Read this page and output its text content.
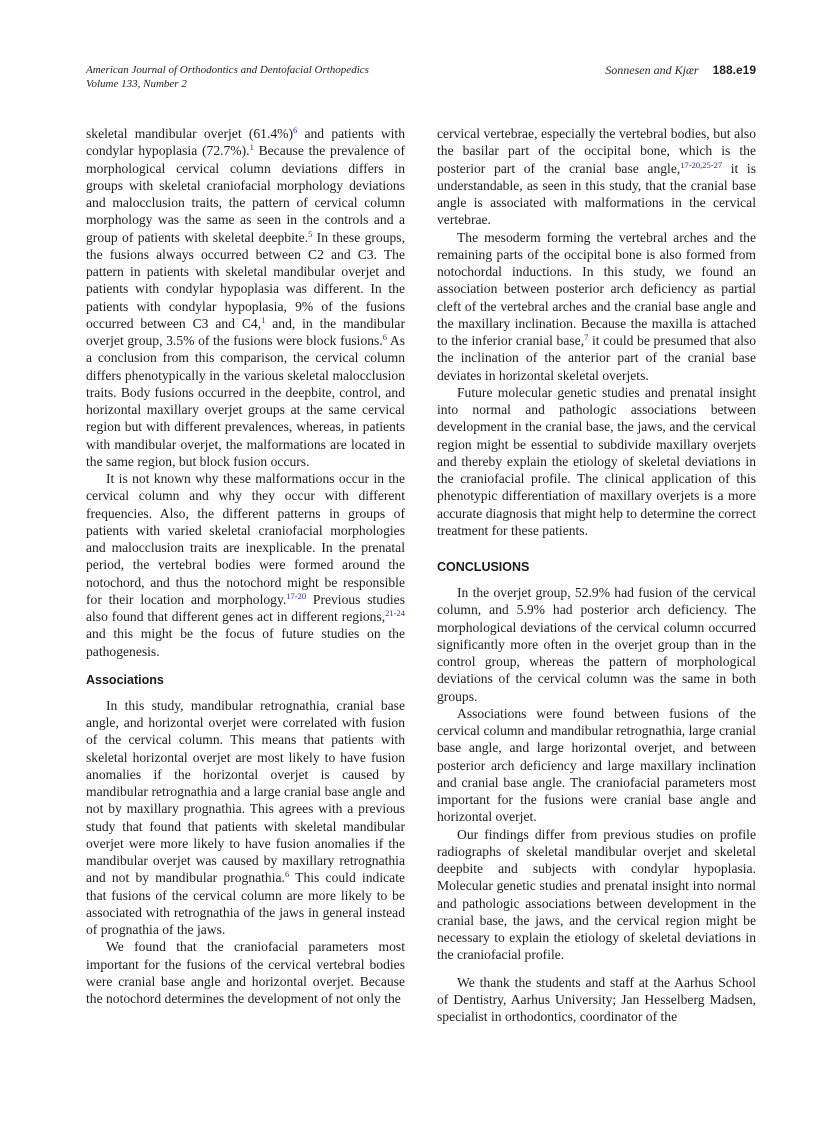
American Journal of Orthodontics and Dentofacial Orthopedics
Volume 133, Number 2
Sonnesen and Kjær 188.e19

skeletal mandibular overjet (61.4%)$^6$ and patients with condylar hypoplasia (72.7%).$^1$ Because the prevalence of morphological cervical column deviations differs in groups with skeletal craniofacial morphology deviations and malocclusion traits, the pattern of cervical column morphology was the same as seen in the controls and a group of patients with skeletal deepbite.$^5$ In these groups, the fusions always occurred between C2 and C3. The pattern in patients with skeletal mandibular overjet and patients with condylar hypoplasia was different. In the patients with condylar hypoplasia, 9% of the fusions occurred between C3 and C4,$^1$ and, in the mandibular overjet group, 3.5% of the fusions were block fusions.$^6$ As a conclusion from this comparison, the cervical column differs phenotypically in the various skeletal malocclusion traits. Body fusions occurred in the deepbite, control, and horizontal maxillary overjet groups at the same cervical region but with different prevalences, whereas, in patients with mandibular overjet, the malformations are located in the same region, but block fusion occurs.

It is not known why these malformations occur in the cervical column and why they occur with different frequencies. Also, the different patterns in groups of patients with varied skeletal craniofacial morphologies and malocclusion traits are inexplicable. In the prenatal period, the vertebral bodies were formed around the notochord, and thus the notochord might be responsible for their location and morphology.$^{17-20}$ Previous studies also found that different genes act in different regions,$^{21-24}$ and this might be the focus of future studies on the pathogenesis.

Associations

In this study, mandibular retrognathia, cranial base angle, and horizontal overjet were correlated with fusion of the cervical column. This means that patients with skeletal horizontal overjet are most likely to have fusion anomalies if the horizontal overjet is caused by mandibular retrognathia and a large cranial base angle and not by maxillary prognathia. This agrees with a previous study that found that patients with skeletal mandibular overjet were more likely to have fusion anomalies if the mandibular overjet was caused by maxillary retrognathia and not by mandibular prognathia.$^6$ This could indicate that fusions of the cervical column are more likely to be associated with retrognathia of the jaws in general instead of prognathia of the jaws.

We found that the craniofacial parameters most important for the fusions of the cervical vertebral bodies were cranial base angle and horizontal overjet. Because the notochord determines the development of not only the

cervical vertebrae, especially the vertebral bodies, but also the basilar part of the occipital bone, which is the posterior part of the cranial base angle,$^{17-20,25-27}$ it is understandable, as seen in this study, that the cranial base angle is associated with malformations in the cervical vertebrae.

The mesoderm forming the vertebral arches and the remaining parts of the occipital bone is also formed from notochordal inductions. In this study, we found an association between posterior arch deficiency as partial cleft of the vertebral arches and the cranial base angle and the maxillary inclination. Because the maxilla is attached to the inferior cranial base,$^7$ it could be presumed that also the inclination of the anterior part of the cranial base deviates in horizontal skeletal overjets.

Future molecular genetic studies and prenatal insight into normal and pathologic associations between development in the cranial base, the jaws, and the cervical region might be essential to subdivide maxillary overjets and thereby explain the etiology of skeletal deviations in the craniofacial profile. The clinical application of this phenotypic differentiation of maxillary overjets is a more accurate diagnosis that might help to determine the correct treatment for these patients.

CONCLUSIONS

In the overjet group, 52.9% had fusion of the cervical column, and 5.9% had posterior arch deficiency. The morphological deviations of the cervical column occurred significantly more often in the overjet group than in the control group, whereas the pattern of morphological deviations of the cervical column was the same in both groups.

Associations were found between fusions of the cervical column and mandibular retrognathia, large cranial base angle, and large horizontal overjet, and between posterior arch deficiency and large maxillary inclination and cranial base angle. The craniofacial parameters most important for the fusions were cranial base angle and horizontal overjet.

Our findings differ from previous studies on profile radiographs of skeletal mandibular overjet and skeletal deepbite and subjects with condylar hypoplasia. Molecular genetic studies and prenatal insight into normal and pathologic associations between development in the cranial base, the jaws, and the cervical region might be necessary to explain the etiology of skeletal deviations in the craniofacial profile.

We thank the students and staff at the Aarhus School of Dentistry, Aarhus University; Jan Hesselberg Madsen, specialist in orthodontics, coordinator of the
